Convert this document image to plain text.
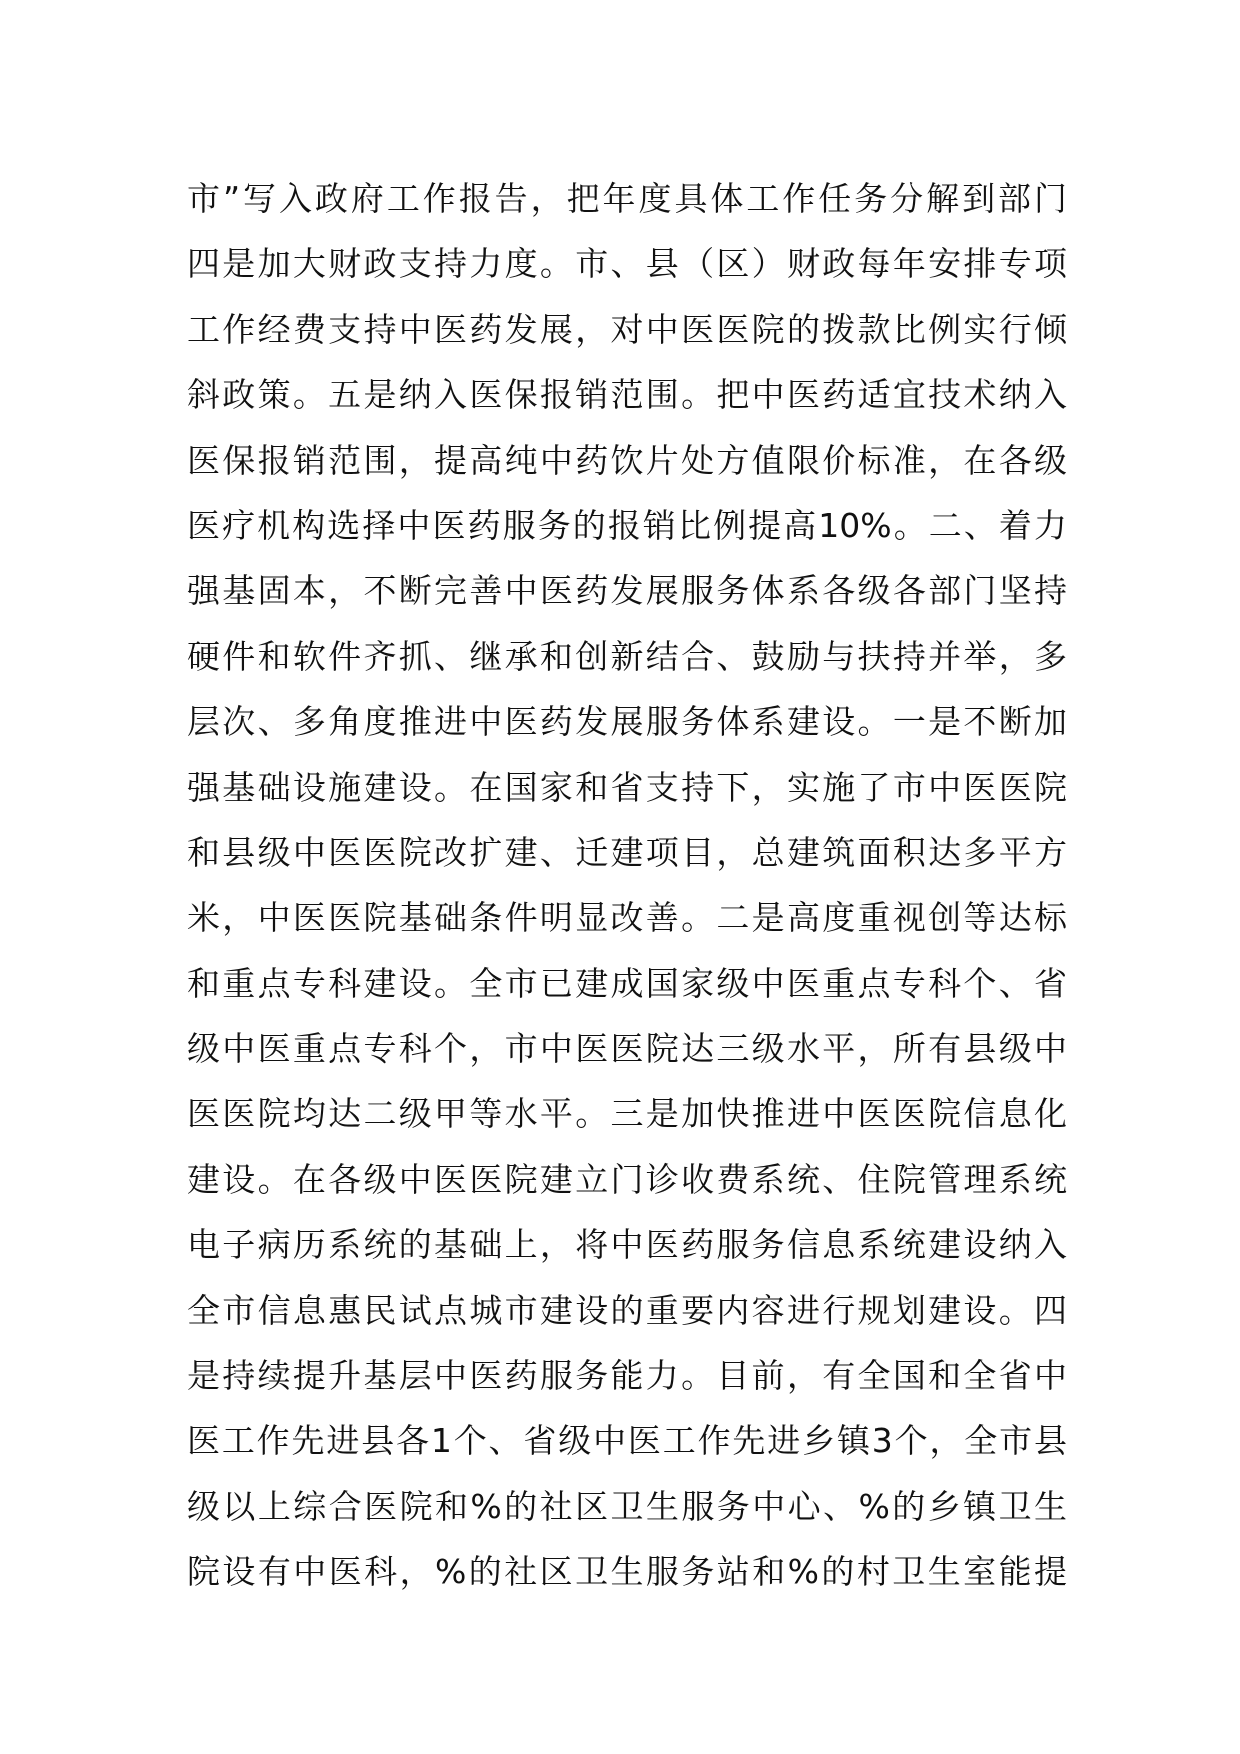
市”写入政府工作报告，把年度具体工作任务分解到部门
四是加大财政支持力度。市、县（区）财政每年安排专项
工作经费支持中医药发展，对中医医院的拨款比例实行倾
斜政策。五是纳入医保报销范围。把中医药适宜技术纳入
医保报销范围，提高纯中药饮片处方值限价标准，在各级
医疗机构选择中医药服务的报销比例提高10%。二、着力
强基固本，不断完善中医药发展服务体系各级各部门坚持
硬件和软件齐抓、继承和创新结合、鼓励与扶持并举，多
层次、多角度推进中医药发展服务体系建设。一是不断加
强基础设施建设。在国家和省支持下，实施了市中医医院
和县级中医医院改扩建、迁建项目，总建筑面积达多平方
米，中医医院基础条件明显改善。二是高度重视创等达标
和重点专科建设。全市已建成国家级中医重点专科个、省
级中医重点专科个，市中医医院达三级水平，所有县级中
医医院均达二级甲等水平。三是加快推进中医医院信息化
建设。在各级中医医院建立门诊收费系统、住院管理系统
电子病历系统的基础上，将中医药服务信息系统建设纳入
全市信息惠民试点城市建设的重要内容进行规划建设。四
是持续提升基层中医药服务能力。目前，有全国和全省中
医工作先进县各1个、省级中医工作先进乡镇3个，全市县
级以上综合医院和%的社区卫生服务中心、%的乡镇卫生
院设有中医科，%的社区卫生服务站和%的村卫生室能提
